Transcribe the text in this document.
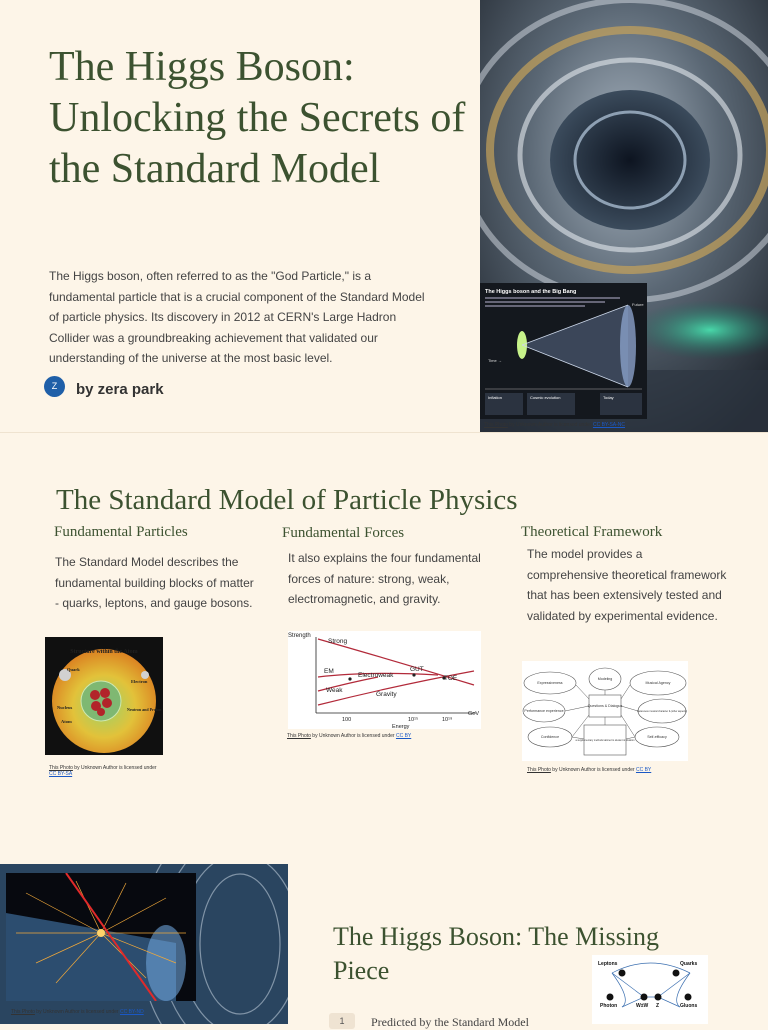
The Higgs Boson: Unlocking the Secrets of the Standard Model
The Higgs boson, often referred to as the "God Particle," is a fundamental particle that is a crucial component of the Standard Model of particle physics. Its discovery in 2012 at CERN's Large Hadron Collider was a groundbreaking achievement that validated our understanding of the universe at the most basic level.
Z	by zera park
The Higgs boson and the Big Bang
Future
Time →
Inflation	Cosmic evolution	Today
This Photo by Unknown Author is licensed under CC BY-SA-NC
The Standard Model of Particle Physics
Fundamental Particles
The Standard Model describes the fundamental building blocks of matter - quarks, leptons, and gauge bosons.
Fundamental Forces
It also explains the four fundamental forces of nature: strong, weak, electromagnetic, and gravity.
Theoretical Framework
The model provides a comprehensive theoretical framework that has been extensively tested and validated by experimental evidence.
Structure within the Atom
Quark
Electron
Nucleus
Atom
Neutron and Proton
This Photo by Unknown Author is licensed under CC BY-SA
Strength
Strong
EM
Electroweak
GUT
TOE
Weak
Gravity
100	10¹⁵	10¹⁹
GeV
Energy
This Photo by Unknown Author is licensed under CC BY
Expressiveness
Modeling
Musical Agency
Performance experience	Awareness musical character & (other aspects)
Confidence
Questions & Dialogue
a supplementary methods tailored to student & situation
Self-efficacy
This Photo by Unknown Author is licensed under CC BY
This Photo by Unknown Author is licensed under CC BY-ND
The Higgs Boson: The Missing Piece	Leptons	Quarks
Photon	Gluons
W±W Z
1	Predicted by the Standard Model
